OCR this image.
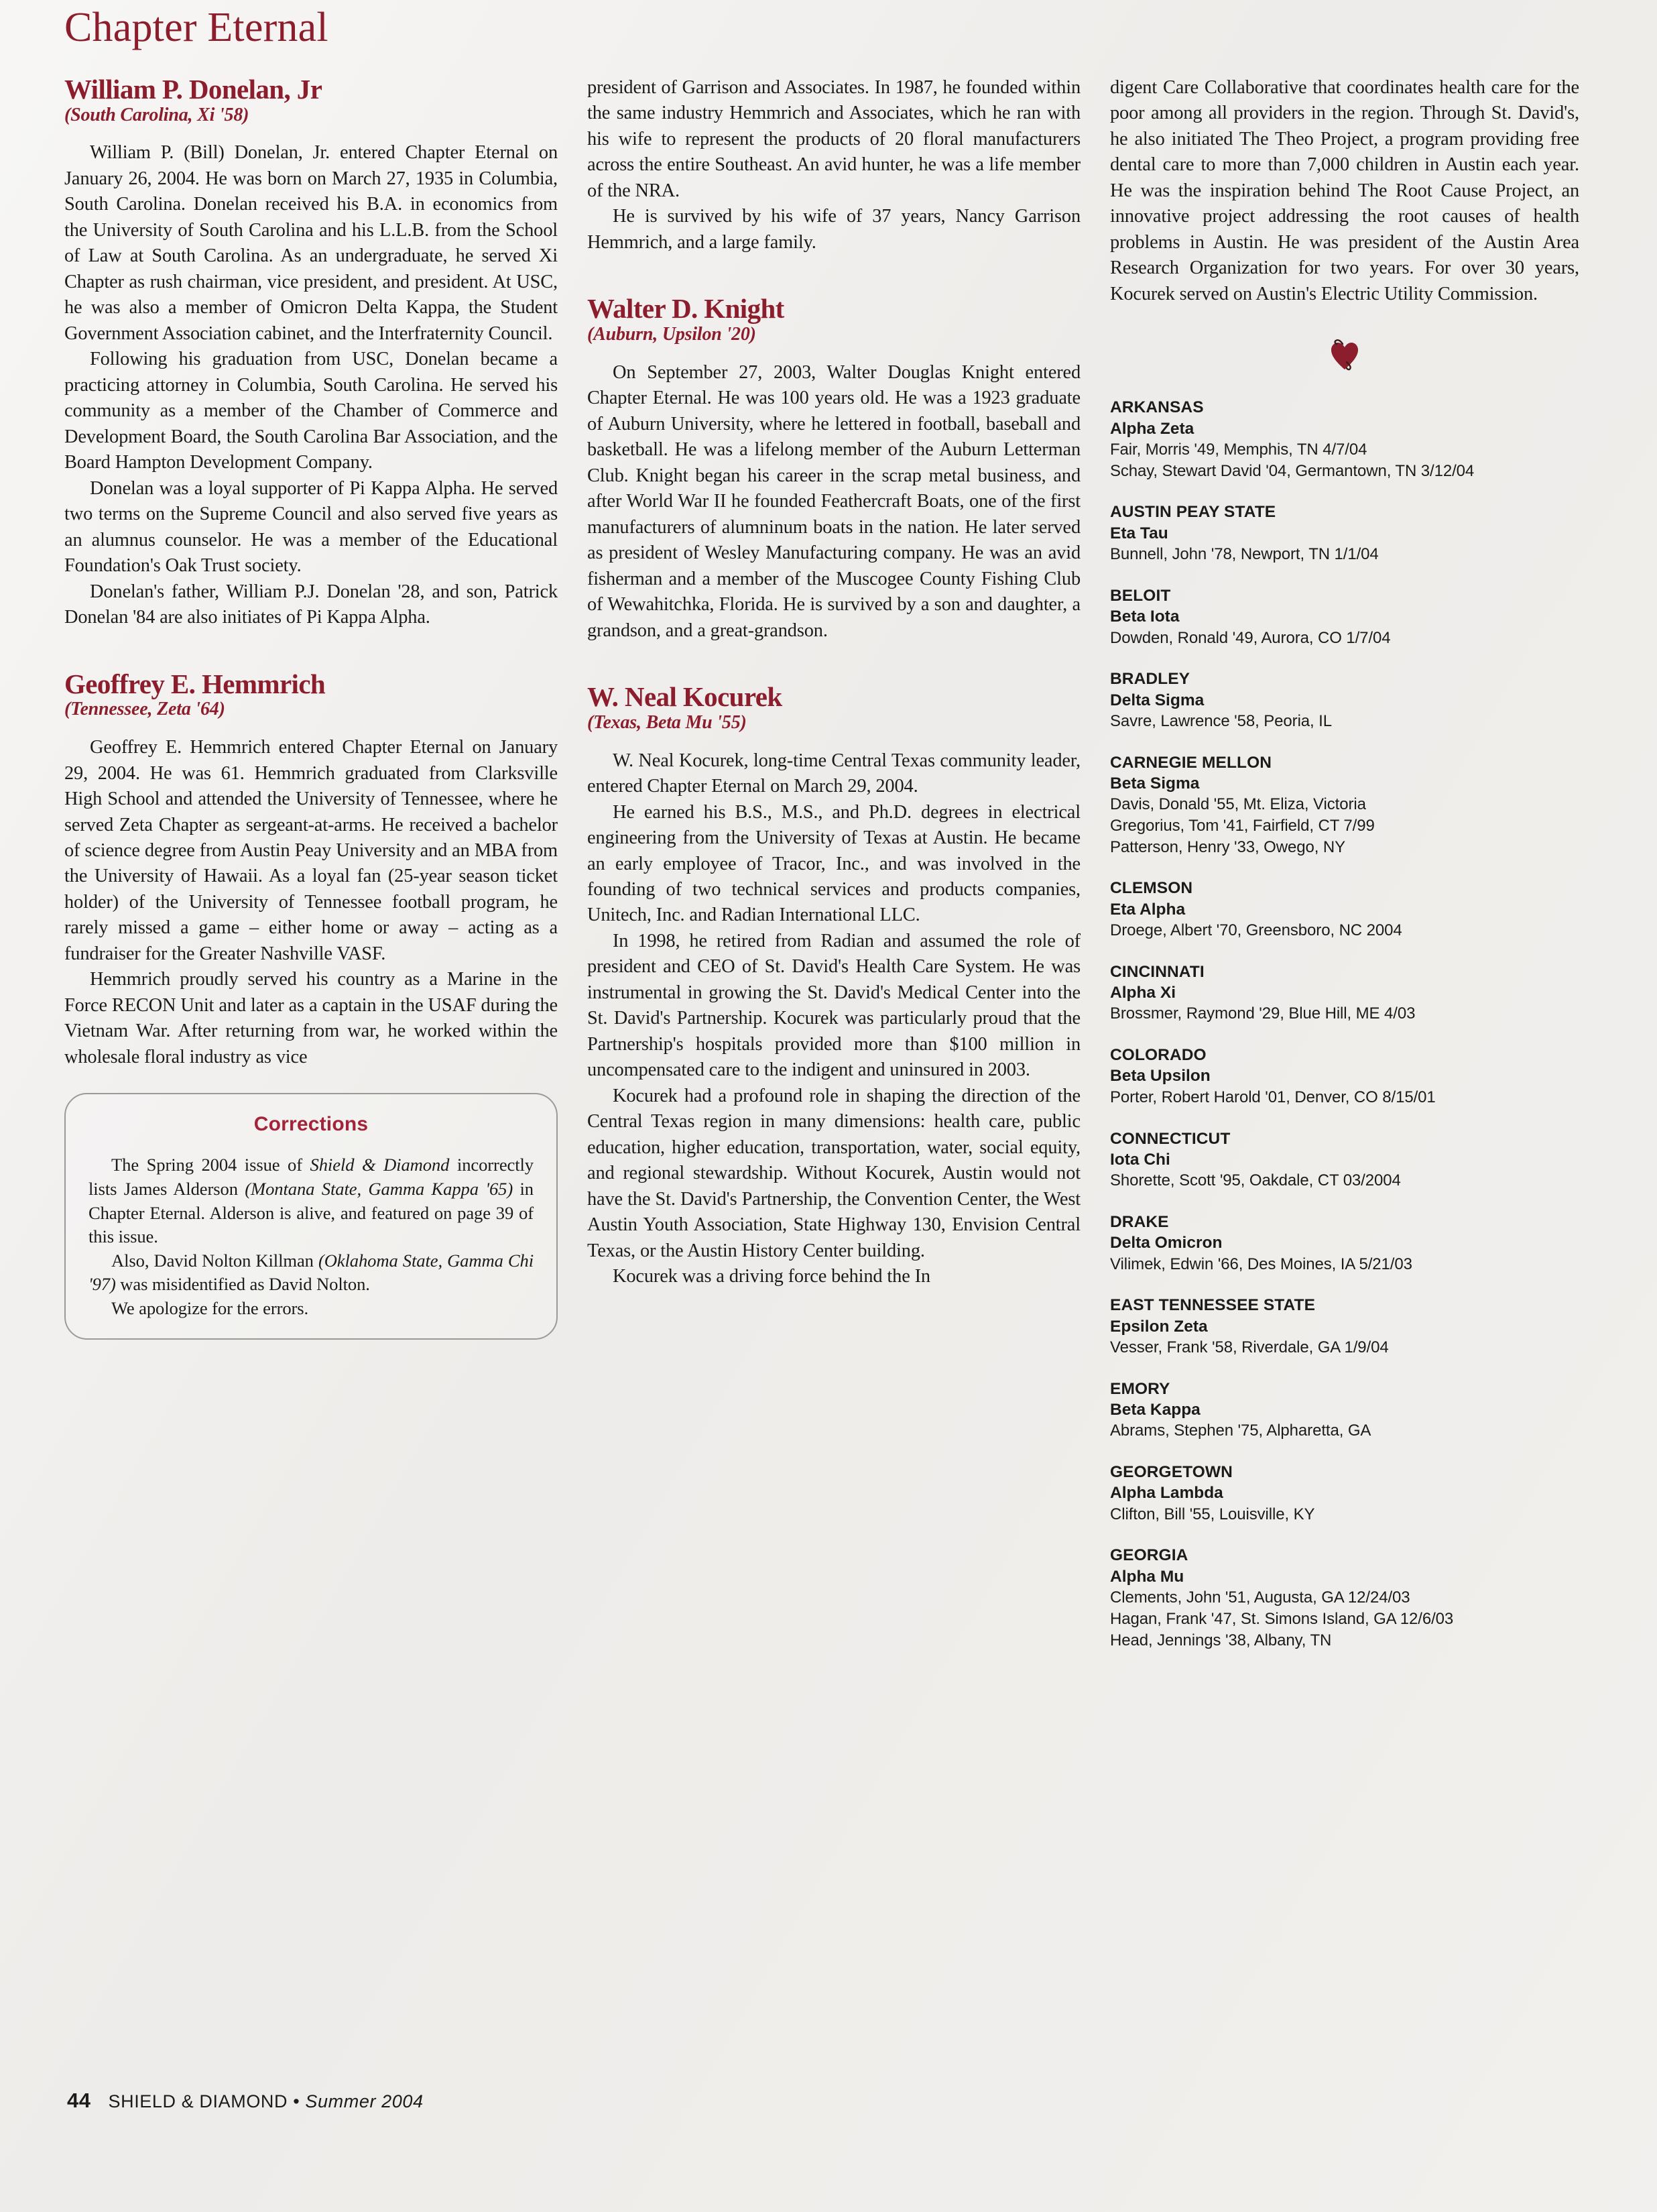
Chapter Eternal
William P. Donelan, Jr
(South Carolina, Xi '58)

William P. (Bill) Donelan, Jr. entered Chapter Eternal on January 26, 2004. He was born on March 27, 1935 in Columbia, South Carolina. Donelan received his B.A. in economics from the University of South Carolina and his L.L.B. from the School of Law at South Carolina. As an undergraduate, he served Xi Chapter as rush chairman, vice president, and president. At USC, he was also a member of Omicron Delta Kappa, the Student Government Association cabinet, and the Interfraternity Council.

Following his graduation from USC, Donelan became a practicing attorney in Columbia, South Carolina. He served his community as a member of the Chamber of Commerce and Development Board, the South Carolina Bar Association, and the Board Hampton Development Company.

Donelan was a loyal supporter of Pi Kappa Alpha. He served two terms on the Supreme Council and also served five years as an alumnus counselor. He was a member of the Educational Foundation's Oak Trust society.

Donelan's father, William P.J. Donelan '28, and son, Patrick Donelan '84 are also initiates of Pi Kappa Alpha.

Geoffrey E. Hemmrich
(Tennessee, Zeta '64)

Geoffrey E. Hemmrich entered Chapter Eternal on January 29, 2004. He was 61. Hemmrich graduated from Clarksville High School and attended the University of Tennessee, where he served Zeta Chapter as sergeant-at-arms. He received a bachelor of science degree from Austin Peay University and an MBA from the University of Hawaii. As a loyal fan (25-year season ticket holder) of the University of Tennessee football program, he rarely missed a game – either home or away – acting as a fundraiser for the Greater Nashville VASF.

Hemmrich proudly served his country as a Marine in the Force RECON Unit and later as a captain in the USAF during the Vietnam War. After returning from war, he worked within the wholesale floral industry as vice

Corrections

The Spring 2004 issue of Shield & Diamond incorrectly lists James Alderson (Montana State, Gamma Kappa '65) in Chapter Eternal. Alderson is alive, and featured on page 39 of this issue.

Also, David Nolton Killman (Oklahoma State, Gamma Chi '97) was misidentified as David Nolton.

We apologize for the errors.

president of Garrison and Associates. In 1987, he founded within the same industry Hemmrich and Associates, which he ran with his wife to represent the products of 20 floral manufacturers across the entire Southeast. An avid hunter, he was a life member of the NRA.

He is survived by his wife of 37 years, Nancy Garrison Hemmrich, and a large family.

Walter D. Knight
(Auburn, Upsilon '20)

On September 27, 2003, Walter Douglas Knight entered Chapter Eternal. He was 100 years old. He was a 1923 graduate of Auburn University, where he lettered in football, baseball and basketball. He was a lifelong member of the Auburn Letterman Club. Knight began his career in the scrap metal business, and after World War II he founded Feathercraft Boats, one of the first manufacturers of alumninum boats in the nation. He later served as president of Wesley Manufacturing company. He was an avid fisherman and a member of the Muscogee County Fishing Club of Wewahitchka, Florida. He is survived by a son and daughter, a grandson, and a great-grandson.

W. Neal Kocurek
(Texas, Beta Mu '55)

W. Neal Kocurek, long-time Central Texas community leader, entered Chapter Eternal on March 29, 2004.

He earned his B.S., M.S., and Ph.D. degrees in electrical engineering from the University of Texas at Austin. He became an early employee of Tracor, Inc., and was involved in the founding of two technical services and products companies, Unitech, Inc. and Radian International LLC.

In 1998, he retired from Radian and assumed the role of president and CEO of St. David's Health Care System. He was instrumental in growing the St. David's Medical Center into the St. David's Partnership. Kocurek was particularly proud that the Partnership's hospitals provided more than $100 million in uncompensated care to the indigent and uninsured in 2003.

Kocurek had a profound role in shaping the direction of the Central Texas region in many dimensions: health care, public education, higher education, transportation, water, social equity, and regional stewardship. Without Kocurek, Austin would not have the St. David's Partnership, the Convention Center, the West Austin Youth Association, State Highway 130, Envision Central Texas, or the Austin History Center building.

Kocurek was a driving force behind the In

digent Care Collaborative that coordinates health care for the poor among all providers in the region. Through St. David's, he also initiated The Theo Project, a program providing free dental care to more than 7,000 children in Austin each year. He was the inspiration behind The Root Cause Project, an innovative project addressing the root causes of health problems in Austin. He was president of the Austin Area Research Organization for two years. For over 30 years, Kocurek served on Austin's Electric Utility Commission.

ARKANSAS
Alpha Zeta
Fair, Morris '49, Memphis, TN 4/7/04
Schay, Stewart David '04, Germantown, TN 3/12/04
AUSTIN PEAY STATE
Eta Tau
Bunnell, John '78, Newport, TN 1/1/04
BELOIT
Beta Iota
Dowden, Ronald '49, Aurora, CO 1/7/04
BRADLEY
Delta Sigma
Savre, Lawrence '58, Peoria, IL
CARNEGIE MELLON
Beta Sigma
Davis, Donald '55, Mt. Eliza, Victoria
Gregorius, Tom '41, Fairfield, CT 7/99
Patterson, Henry '33, Owego, NY
CLEMSON
Eta Alpha
Droege, Albert '70, Greensboro, NC 2004
CINCINNATI
Alpha Xi
Brossmer, Raymond '29, Blue Hill, ME 4/03
COLORADO
Beta Upsilon
Porter, Robert Harold '01, Denver, CO 8/15/01
CONNECTICUT
Iota Chi
Shorette, Scott '95, Oakdale, CT 03/2004
DRAKE
Delta Omicron
Vilimek, Edwin '66, Des Moines, IA 5/21/03
EAST TENNESSEE STATE
Epsilon Zeta
Vesser, Frank '58, Riverdale, GA 1/9/04
EMORY
Beta Kappa
Abrams, Stephen '75, Alpharetta, GA
GEORGETOWN
Alpha Lambda
Clifton, Bill '55, Louisville, KY
GEORGIA
Alpha Mu
Clements, John '51, Augusta, GA 12/24/03
Hagan, Frank '47, St. Simons Island, GA 12/6/03
Head, Jennings '38, Albany, TN
44 SHIELD & DIAMOND • Summer 2004
